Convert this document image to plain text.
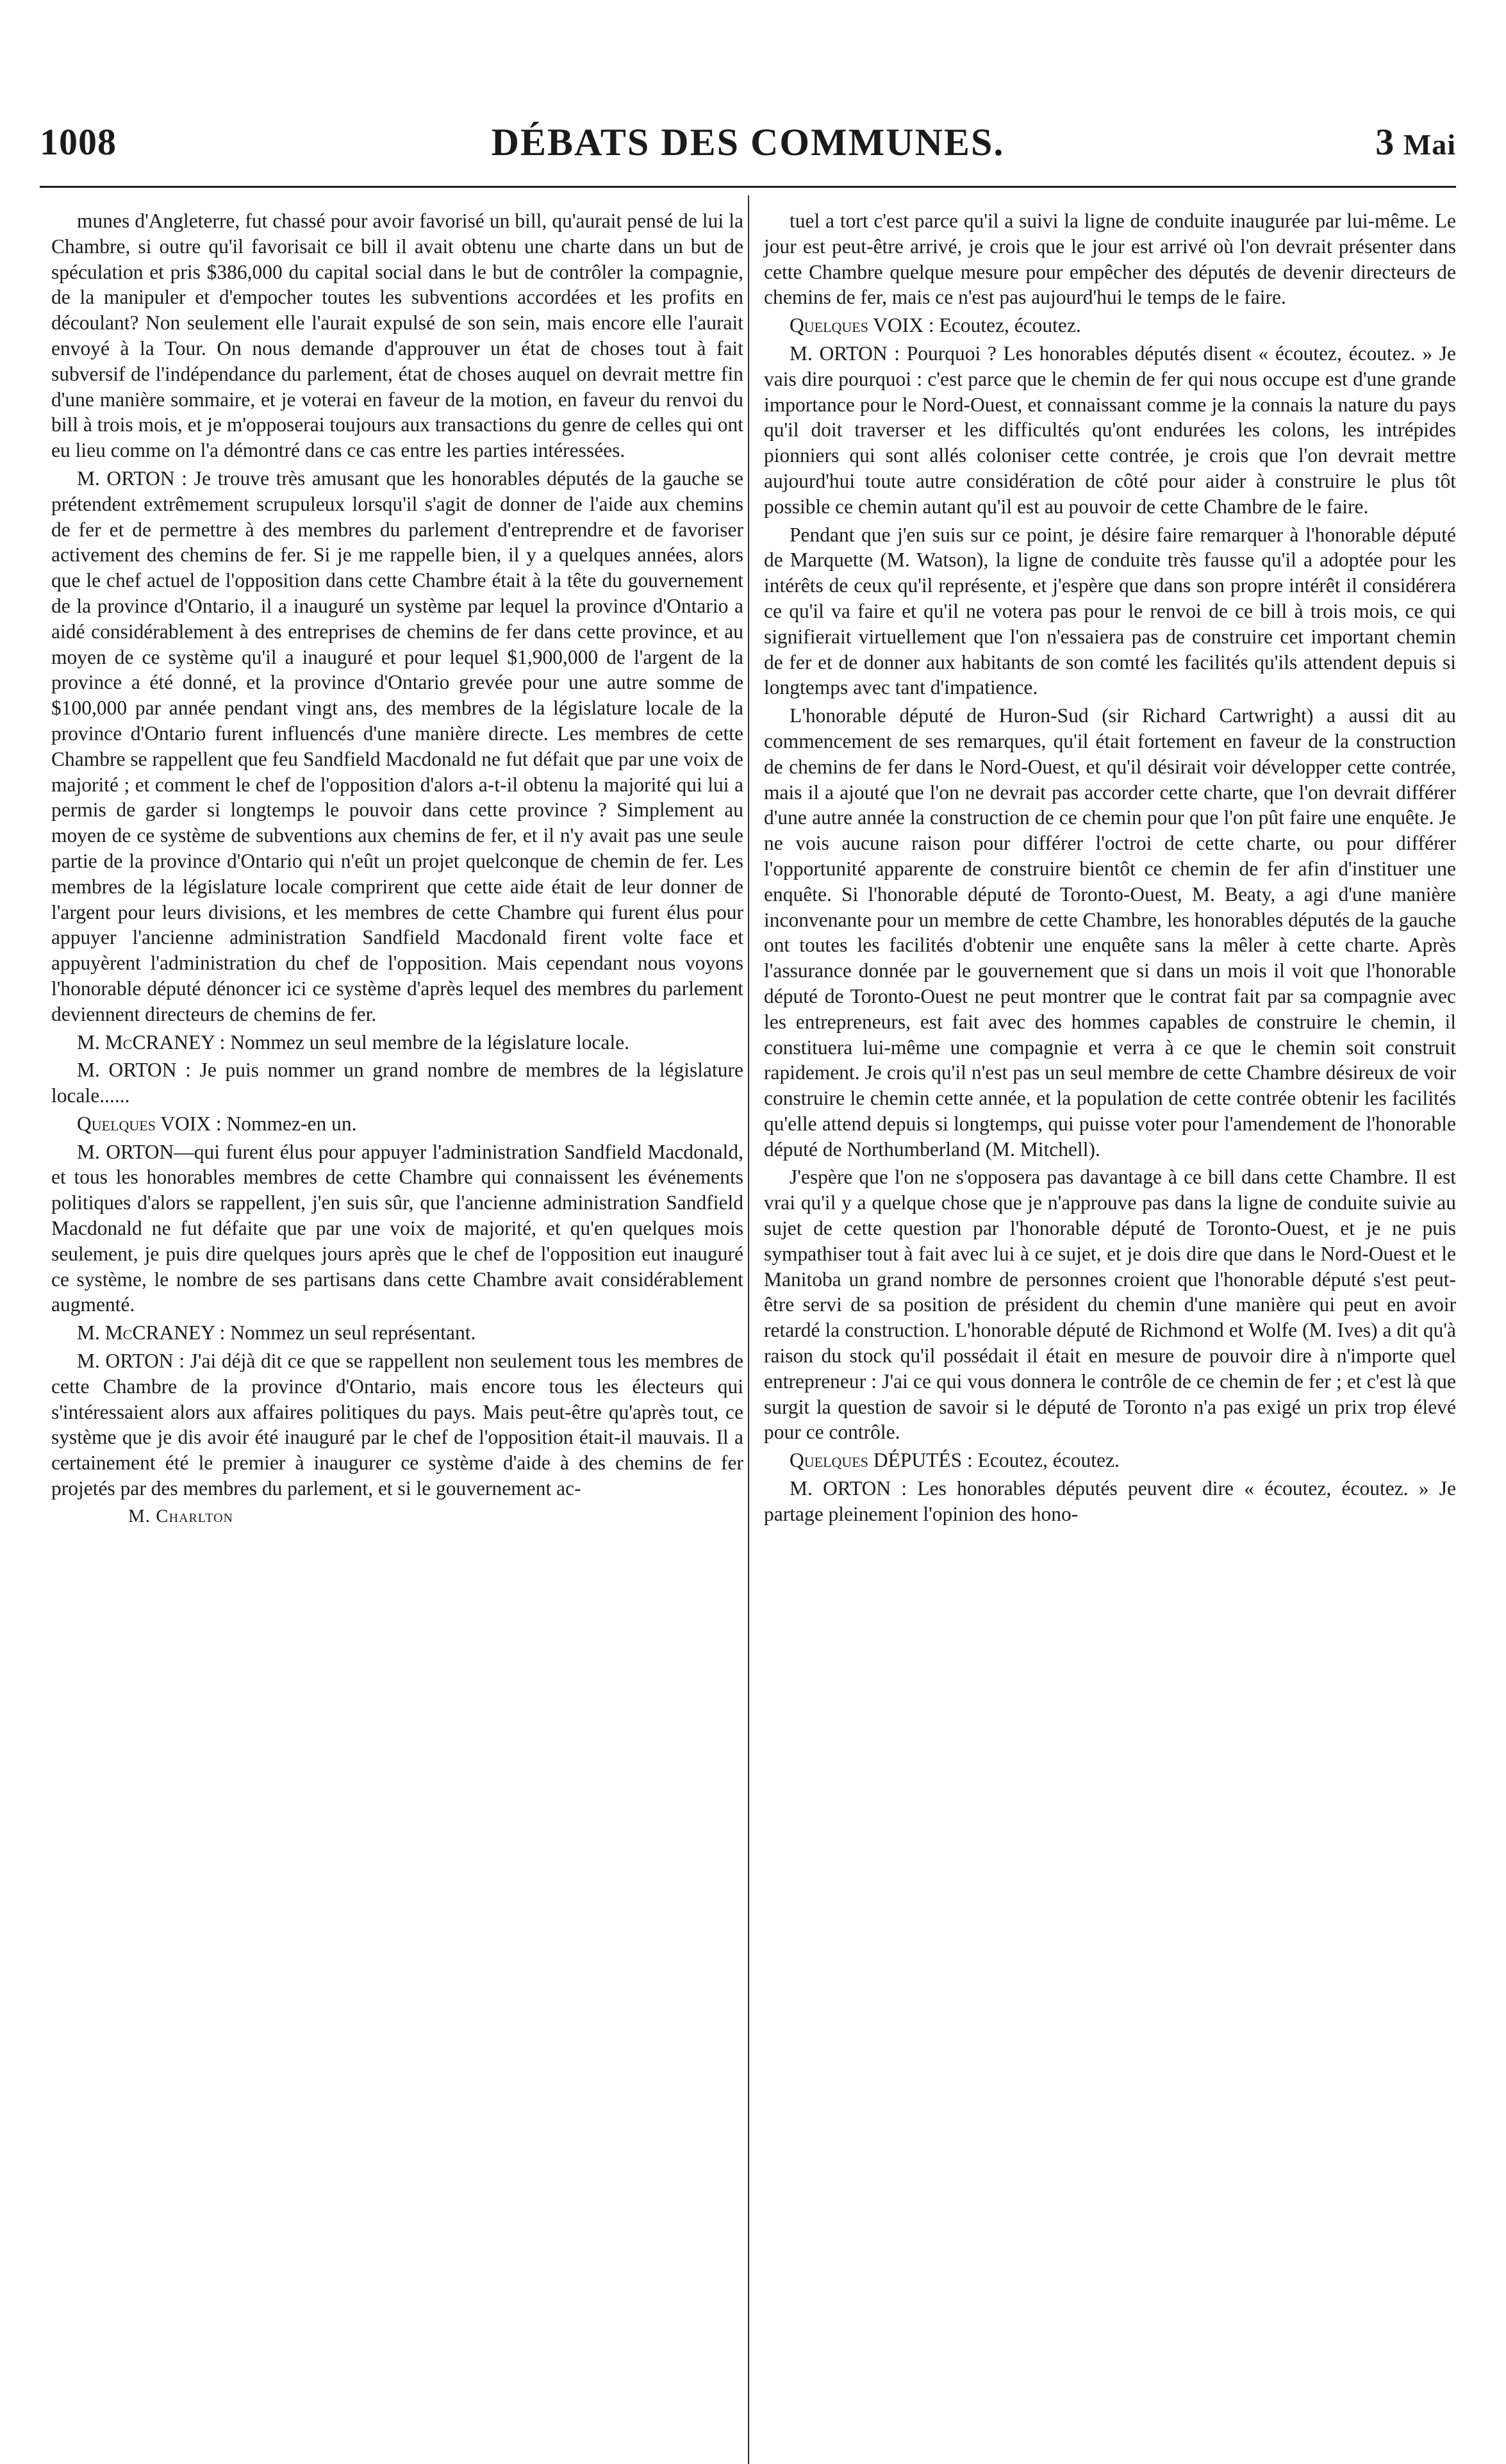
1008	DÉBATS DES COMMUNES.	3 Mai

munes d'Angleterre, fut chassé pour avoir favorisé un bill, qu'aurait pensé de lui la Chambre, si outre qu'il favorisait ce bill il avait obtenu une charte dans un but de spéculation et pris $386,000 du capital social dans le but de contrôler la compagnie, de la manipuler et d'empocher toutes les subventions accordées et les profits en découlant? Non seulement elle l'aurait expulsé de son sein, mais encore elle l'aurait envoyé à la Tour. On nous demande d'approuver un état de choses tout à fait subversif de l'indépendance du parlement, état de choses auquel on devrait mettre fin d'une manière sommaire, et je voterai en faveur de la motion, en faveur du renvoi du bill à trois mois, et je m'opposerai toujours aux transactions du genre de celles qui ont eu lieu comme on l'a démontré dans ce cas entre les parties intéressées.

M. ORTON : Je trouve très amusant que les honorables députés de la gauche se prétendent extrêmement scrupuleux lorsqu'il s'agit de donner de l'aide aux chemins de fer et de permettre à des membres du parlement d'entreprendre et de favoriser activement des chemins de fer. Si je me rappelle bien, il y a quelques années, alors que le chef actuel de l'opposition dans cette Chambre était à la tête du gouvernement de la province d'Ontario, il a inauguré un système par lequel la province d'Ontario a aidé considérablement à des entreprises de chemins de fer dans cette province, et au moyen de ce système qu'il a inauguré et pour lequel $1,900,000 de l'argent de la province a été donné, et la province d'Ontario grevée pour une autre somme de $100,000 par année pendant vingt ans, des membres de la législature locale de la province d'Ontario furent influencés d'une manière directe. Les membres de cette Chambre se rappellent que feu Sandfield Macdonald ne fut défait que par une voix de majorité ; et comment le chef de l'opposition d'alors a-t-il obtenu la majorité qui lui a permis de garder si longtemps le pouvoir dans cette province ? Simplement au moyen de ce système de subventions aux chemins de fer, et il n'y avait pas une seule partie de la province d'Ontario qui n'eût un projet quelconque de chemin de fer. Les membres de la législature locale comprirent que cette aide était de leur donner de l'argent pour leurs divisions, et les membres de cette Chambre qui furent élus pour appuyer l'ancienne administration Sandfield Macdonald firent volte face et appuyèrent l'administration du chef de l'opposition. Mais cependant nous voyons l'honorable député dénoncer ici ce système d'après lequel des membres du parlement deviennent directeurs de chemins de fer.

M. McCRANEY : Nommez un seul membre de la législature locale.

M. ORTON : Je puis nommer un grand nombre de membres de la législature locale......

Quelques VOIX : Nommez-en un.

M. ORTON—qui furent élus pour appuyer l'administration Sandfield Macdonald, et tous les honorables membres de cette Chambre qui connaissent les événements politiques d'alors se rappellent, j'en suis sûr, que l'ancienne administration Sandfield Macdonald ne fut défaite que par une voix de majorité, et qu'en quelques mois seulement, je puis dire quelques jours après que le chef de l'opposition eut inauguré ce système, le nombre de ses partisans dans cette Chambre avait considérablement augmenté.

M. McCRANEY : Nommez un seul représentant.

M. ORTON : J'ai déjà dit ce que se rappellent non seulement tous les membres de cette Chambre de la province d'Ontario, mais encore tous les électeurs qui s'intéressaient alors aux affaires politiques du pays. Mais peut-être qu'après tout, ce système que je dis avoir été inauguré par le chef de l'opposition était-il mauvais. Il a certainement été le premier à inaugurer ce système d'aide à des chemins de fer projetés par des membres du parlement, et si le gouvernement ac-

M. Charlton

tuel a tort c'est parce qu'il a suivi la ligne de conduite inaugurée par lui-même. Le jour est peut-être arrivé, je crois que le jour est arrivé où l'on devrait présenter dans cette Chambre quelque mesure pour empêcher des députés de devenir directeurs de chemins de fer, mais ce n'est pas aujourd'hui le temps de le faire.

Quelques VOIX : Ecoutez, écoutez.

M. ORTON : Pourquoi ? Les honorables députés disent « écoutez, écoutez. » Je vais dire pourquoi : c'est parce que le chemin de fer qui nous occupe est d'une grande importance pour le Nord-Ouest, et connaissant comme je la connais la nature du pays qu'il doit traverser et les difficultés qu'ont endurées les colons, les intrépides pionniers qui sont allés coloniser cette contrée, je crois que l'on devrait mettre aujourd'hui toute autre considération de côté pour aider à construire le plus tôt possible ce chemin autant qu'il est au pouvoir de cette Chambre de le faire.

Pendant que j'en suis sur ce point, je désire faire remarquer à l'honorable député de Marquette (M. Watson), la ligne de conduite très fausse qu'il a adoptée pour les intérêts de ceux qu'il représente, et j'espère que dans son propre intérêt il considérera ce qu'il va faire et qu'il ne votera pas pour le renvoi de ce bill à trois mois, ce qui signifierait virtuellement que l'on n'essaiera pas de construire cet important chemin de fer et de donner aux habitants de son comté les facilités qu'ils attendent depuis si longtemps avec tant d'impatience.

L'honorable député de Huron-Sud (sir Richard Cartwright) a aussi dit au commencement de ses remarques, qu'il était fortement en faveur de la construction de chemins de fer dans le Nord-Ouest, et qu'il désirait voir développer cette contrée, mais il a ajouté que l'on ne devrait pas accorder cette charte, que l'on devrait différer d'une autre année la construction de ce chemin pour que l'on pût faire une enquête. Je ne vois aucune raison pour différer l'octroi de cette charte, ou pour différer l'opportunité apparente de construire bientôt ce chemin de fer afin d'instituer une enquête. Si l'honorable député de Toronto-Ouest, M. Beaty, a agi d'une manière inconvenante pour un membre de cette Chambre, les honorables députés de la gauche ont toutes les facilités d'obtenir une enquête sans la mêler à cette charte. Après l'assurance donnée par le gouvernement que si dans un mois il voit que l'honorable député de Toronto-Ouest ne peut montrer que le contrat fait par sa compagnie avec les entrepreneurs, est fait avec des hommes capables de construire le chemin, il constituera lui-même une compagnie et verra à ce que le chemin soit construit rapidement. Je crois qu'il n'est pas un seul membre de cette Chambre désireux de voir construire le chemin cette année, et la population de cette contrée obtenir les facilités qu'elle attend depuis si longtemps, qui puisse voter pour l'amendement de l'honorable député de Northumberland (M. Mitchell).

J'espère que l'on ne s'opposera pas davantage à ce bill dans cette Chambre. Il est vrai qu'il y a quelque chose que je n'approuve pas dans la ligne de conduite suivie au sujet de cette question par l'honorable député de Toronto-Ouest, et je ne puis sympathiser tout à fait avec lui à ce sujet, et je dois dire que dans le Nord-Ouest et le Manitoba un grand nombre de personnes croient que l'honorable député s'est peut-être servi de sa position de président du chemin d'une manière qui peut en avoir retardé la construction. L'honorable député de Richmond et Wolfe (M. Ives) a dit qu'à raison du stock qu'il possédait il était en mesure de pouvoir dire à n'importe quel entrepreneur : J'ai ce qui vous donnera le contrôle de ce chemin de fer ; et c'est là que surgit la question de savoir si le député de Toronto n'a pas exigé un prix trop élevé pour ce contrôle.

Quelques DÉPUTÉS : Ecoutez, écoutez.

M. ORTON : Les honorables députés peuvent dire « écoutez, écoutez. » Je partage pleinement l'opinion des hono-
